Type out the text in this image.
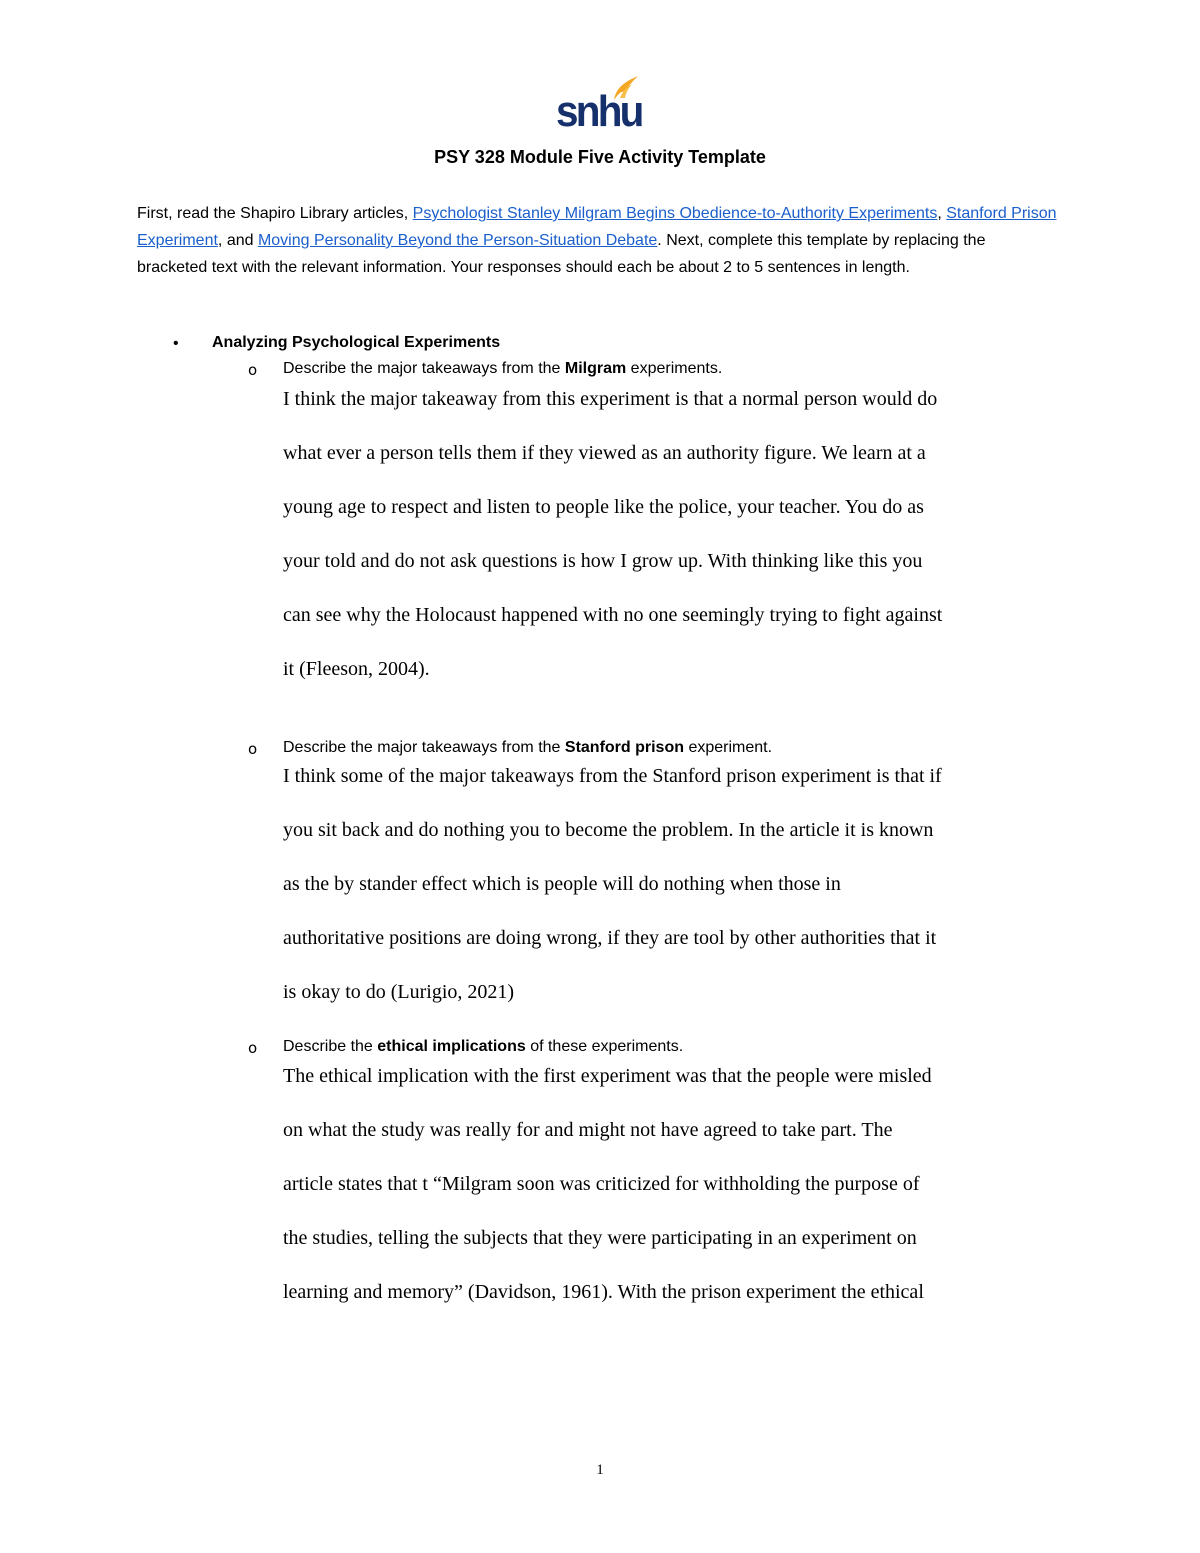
snhu
PSY 328 Module Five Activity Template
First, read the Shapiro Library articles, Psychologist Stanley Milgram Begins Obedience-to-Authority Experiments, Stanford Prison Experiment, and Moving Personality Beyond the Person-Situation Debate. Next, complete this template by replacing the bracketed text with the relevant information. Your responses should each be about 2 to 5 sentences in length.
• Analyzing Psychological Experiments
o Describe the major takeaways from the Milgram experiments.
I think the major takeaway from this experiment is that a normal person would do
what ever a person tells them if they viewed as an authority figure. We learn at a
young age to respect and listen to people like the police, your teacher. You do as
your told and do not ask questions is how I grow up. With thinking like this you
can see why the Holocaust happened with no one seemingly trying to fight against
it (Fleeson, 2004).
o Describe the major takeaways from the Stanford prison experiment.
I think some of the major takeaways from the Stanford prison experiment is that if
you sit back and do nothing you to become the problem. In the article it is known
as the by stander effect which is people will do nothing when those in
authoritative positions are doing wrong, if they are tool by other authorities that it
is okay to do (Lurigio, 2021)
o Describe the ethical implications of these experiments.
The ethical implication with the first experiment was that the people were misled
on what the study was really for and might not have agreed to take part. The
article states that t “Milgram soon was criticized for withholding the purpose of
the studies, telling the subjects that they were participating in an experiment on
learning and memory” (Davidson, 1961). With the prison experiment the ethical
1
